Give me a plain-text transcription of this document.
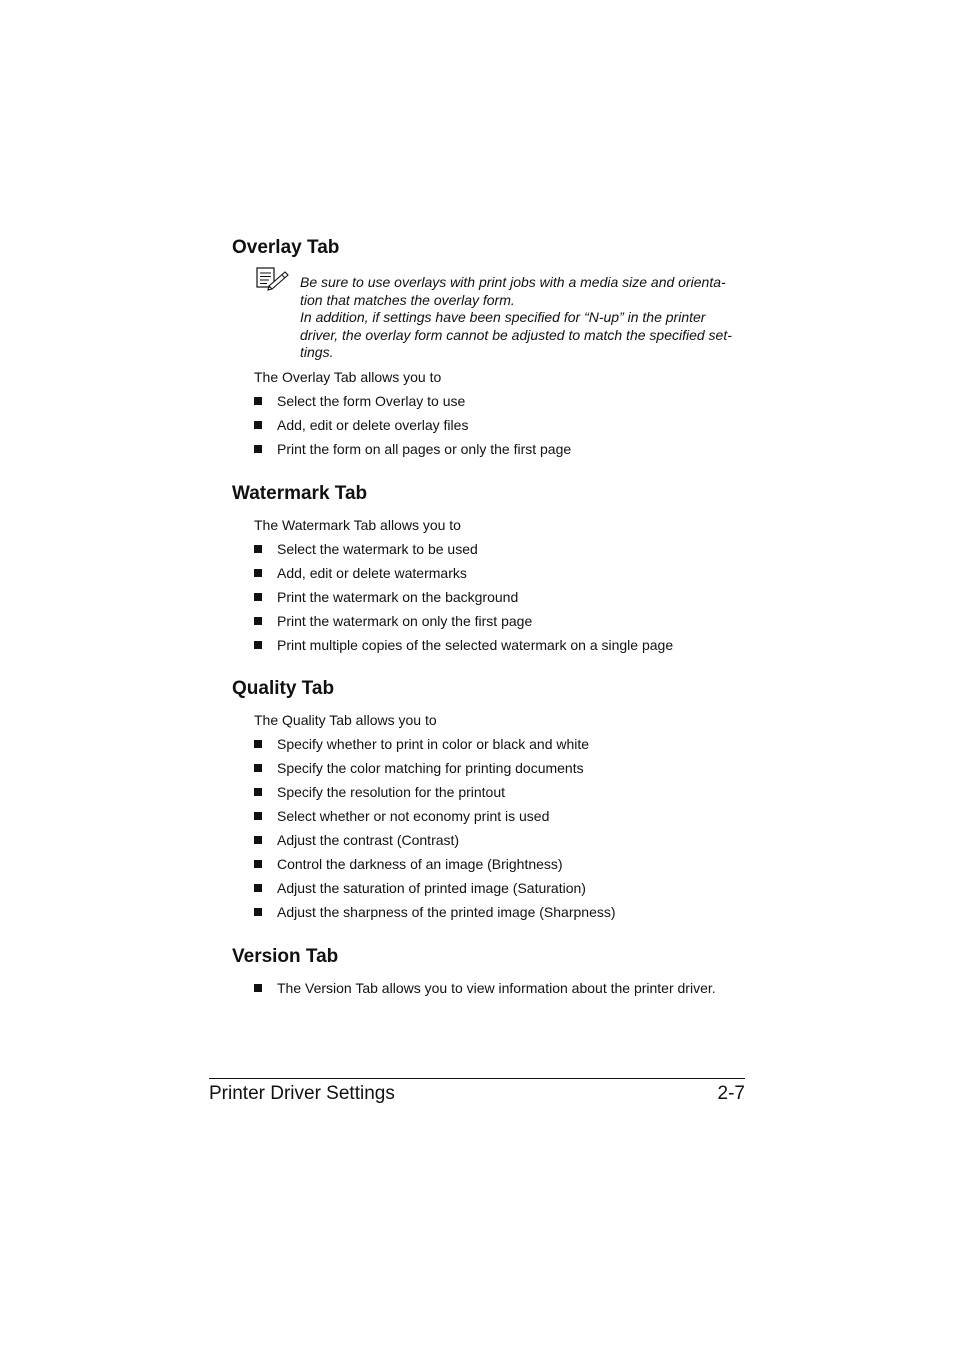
Overlay Tab
Be sure to use overlays with print jobs with a media size and orienta-
tion that matches the overlay form.
In addition, if settings have been specified for “N-up” in the printer
driver, the overlay form cannot be adjusted to match the specified set-
tings.

The Overlay Tab allows you to

Select the form Overlay to use
Add, edit or delete overlay files
Print the form on all pages or only the first page
Watermark Tab

The Watermark Tab allows you to

Select the watermark to be used
Add, edit or delete watermarks
Print the watermark on the background
Print the watermark on only the first page
Print multiple copies of the selected watermark on a single page
Quality Tab

The Quality Tab allows you to

Specify whether to print in color or black and white
Specify the color matching for printing documents
Specify the resolution for the printout
Select whether or not economy print is used
Adjust the contrast (Contrast)
Control the darkness of an image (Brightness)
Adjust the saturation of printed image (Saturation)
Adjust the sharpness of the printed image (Sharpness)
Version Tab
The Version Tab allows you to view information about the printer driver.
Printer Driver Settings	2-7
